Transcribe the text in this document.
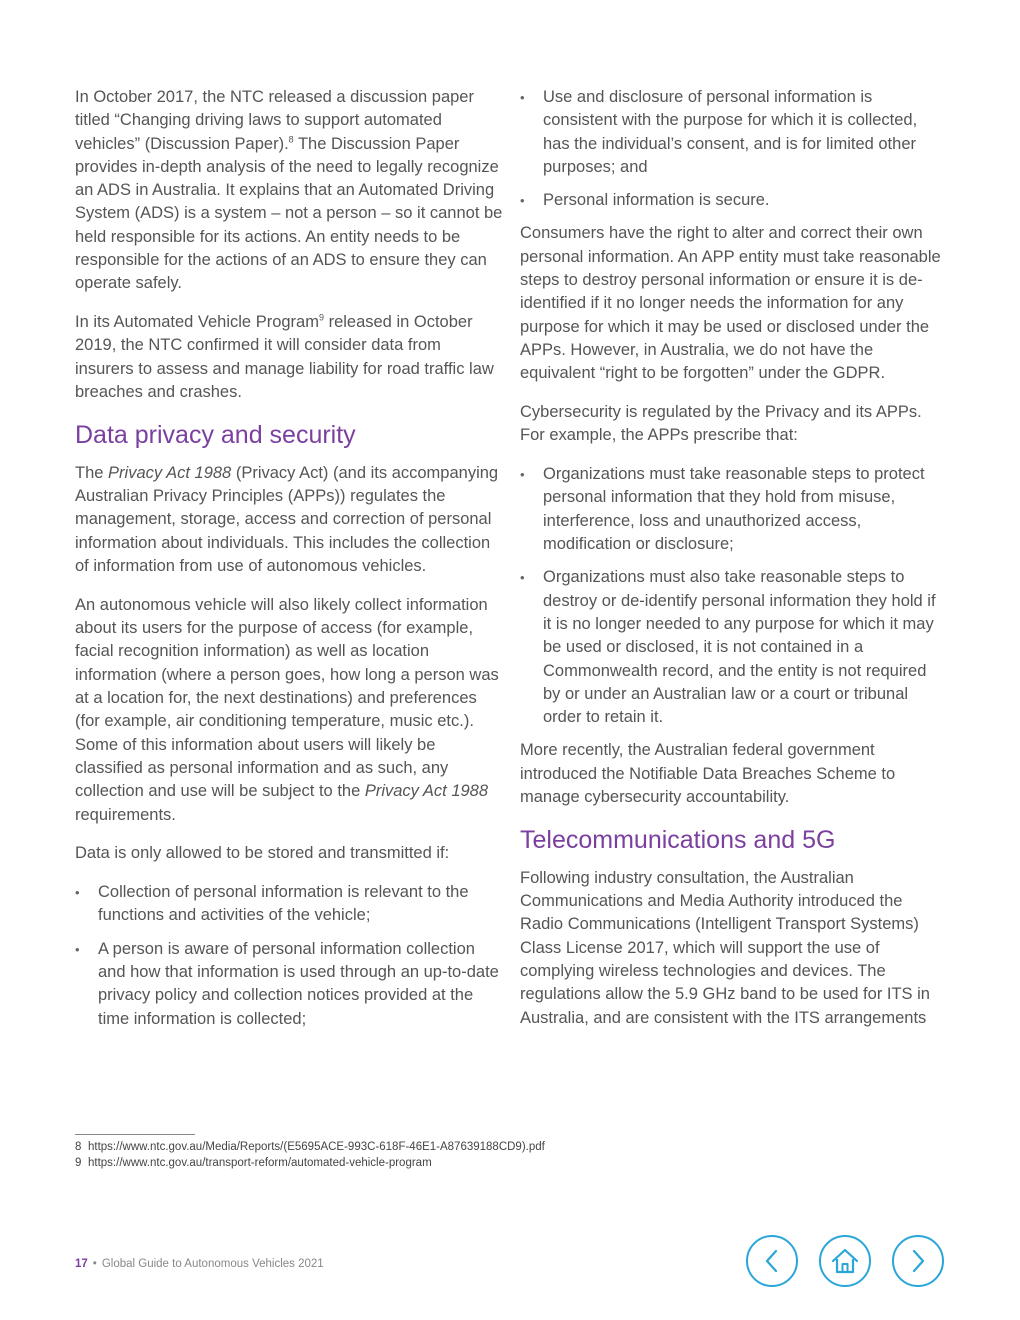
In October 2017, the NTC released a discussion paper titled “Changing driving laws to support automated vehicles” (Discussion Paper).$^8$ The Discussion Paper provides in-depth analysis of the need to legally recognize an ADS in Australia. It explains that an Automated Driving System (ADS) is a system – not a person – so it cannot be held responsible for its actions. An entity needs to be responsible for the actions of an ADS to ensure they can operate safely.

In its Automated Vehicle Program$^9$ released in October 2019, the NTC confirmed it will consider data from insurers to assess and manage liability for road traffic law breaches and crashes.

Data privacy and security

The Privacy Act 1988 (Privacy Act) (and its accompanying Australian Privacy Principles (APPs)) regulates the management, storage, access and correction of personal information about individuals. This includes the collection of information from use of autonomous vehicles.

An autonomous vehicle will also likely collect information about its users for the purpose of access (for example, facial recognition information) as well as location information (where a person goes, how long a person was at a location for, the next destinations) and preferences (for example, air conditioning temperature, music etc.). Some of this information about users will likely be classified as personal information and as such, any collection and use will be subject to the Privacy Act 1988 requirements.

Data is only allowed to be stored and transmitted if:

• Collection of personal information is relevant to the functions and activities of the vehicle;
• A person is aware of personal information collection and how that information is used through an up-to-date privacy policy and collection notices provided at the time information is collected;
• Use and disclosure of personal information is consistent with the purpose for which it is collected, has the individual’s consent, and is for limited other purposes; and
• Personal information is secure.

Consumers have the right to alter and correct their own personal information. An APP entity must take reasonable steps to destroy personal information or ensure it is de-identified if it no longer needs the information for any purpose for which it may be used or disclosed under the APPs. However, in Australia, we do not have the equivalent “right to be forgotten” under the GDPR.

Cybersecurity is regulated by the Privacy and its APPs. For example, the APPs prescribe that:

• Organizations must take reasonable steps to protect personal information that they hold from misuse, interference, loss and unauthorized access, modification or disclosure;
• Organizations must also take reasonable steps to destroy or de-identify personal information they hold if it is no longer needed to any purpose for which it may be used or disclosed, it is not contained in a Commonwealth record, and the entity is not required by or under an Australian law or a court or tribunal order to retain it.

More recently, the Australian federal government introduced the Notifiable Data Breaches Scheme to manage cybersecurity accountability.

Telecommunications and 5G

Following industry consultation, the Australian Communications and Media Authority introduced the Radio Communications (Intelligent Transport Systems) Class License 2017, which will support the use of complying wireless technologies and devices. The regulations allow the 5.9 GHz band to be used for ITS in Australia, and are consistent with the ITS arrangements

8 https://www.ntc.gov.au/Media/Reports/(E5695ACE-993C-618F-46E1-A87639188CD9).pdf
9 https://www.ntc.gov.au/transport-reform/automated-vehicle-program
17 • Global Guide to Autonomous Vehicles 2021
